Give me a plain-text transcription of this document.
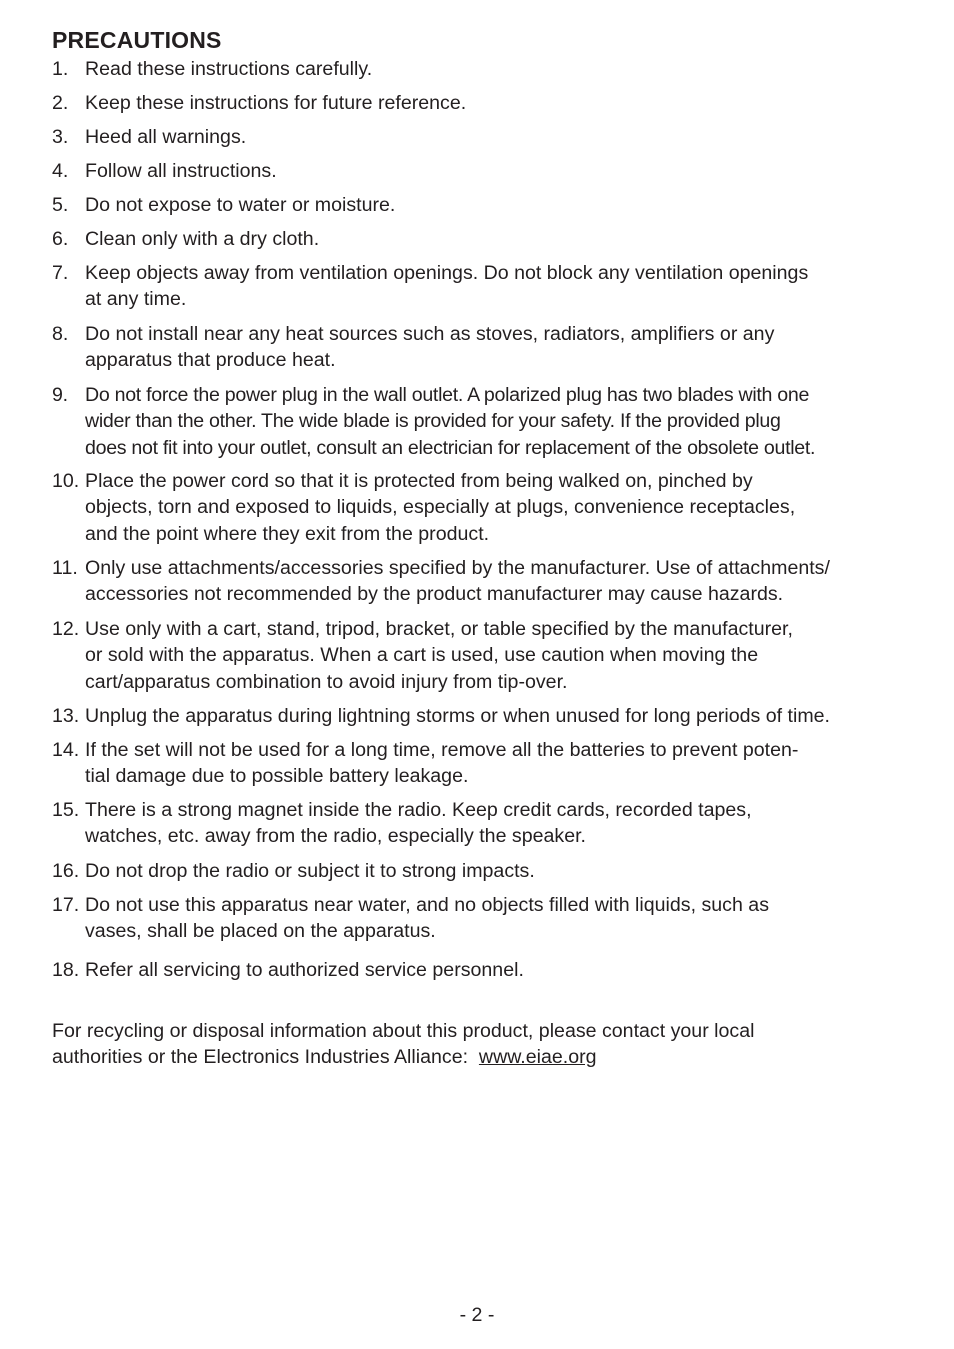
PRECAUTIONS
1. Read these instructions carefully.
2. Keep these instructions for future reference.
3. Heed all warnings.
4. Follow all instructions.
5. Do not expose to water or moisture.
6. Clean only with a dry cloth.
7. Keep objects away from ventilation openings. Do not block any ventilation openings
at any time.
8. Do not install near any heat sources such as stoves, radiators, amplifiers or any
apparatus that produce heat.
9. Do not force the power plug in the wall outlet. A polarized plug has two blades with one
wider than the other. The wide blade is provided for your safety. If the provided plug
does not fit into your outlet, consult an electrician for replacement of the obsolete outlet.
10. Place the power cord so that it is protected from being walked on, pinched by
objects, torn and exposed to liquids, especially at plugs, convenience receptacles,
and the point where they exit from the product.
11. Only use attachments/accessories specified by the manufacturer. Use of attachments/
accessories not recommended by the product manufacturer may cause hazards.
12. Use only with a cart, stand, tripod, bracket, or table specified by the manufacturer,
or sold with the apparatus. When a cart is used, use caution when moving the
cart/apparatus combination to avoid injury from tip-over.
13. Unplug the apparatus during lightning storms or when unused for long periods of time.
14. If the set will not be used for a long time, remove all the batteries to prevent poten-
tial damage due to possible battery leakage.
15. There is a strong magnet inside the radio. Keep credit cards, recorded tapes,
watches, etc. away from the radio, especially the speaker.
16. Do not drop the radio or subject it to strong impacts.
17. Do not use this apparatus near water, and no objects filled with liquids, such as
vases, shall be placed on the apparatus.
18. Refer all servicing to authorized service personnel.
For recycling or disposal information about this product, please contact your local
authorities or the Electronics Industries Alliance:  www.eiae.org
- 2 -
